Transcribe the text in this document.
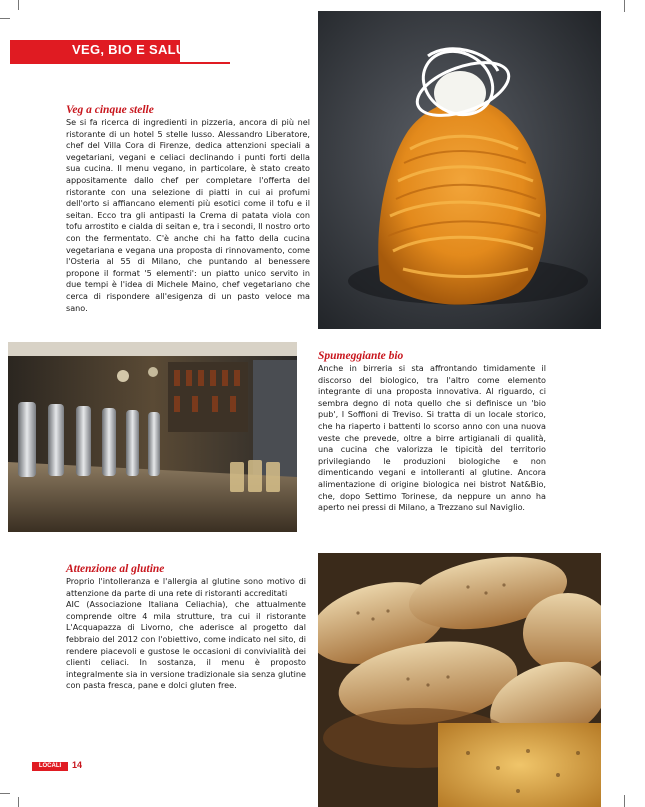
VEG, BIO E SALUTISMO
Veg a cinque stelle

Se si fa ricerca di ingredienti in pizzeria, ancora di più nel ristorante di un hotel 5 stelle lusso. Alessandro Liberatore, chef del Villa Cora di Firenze, dedica attenzioni speciali a vegetariani, vegani e celiaci declinando i punti forti della sua cucina. Il menu vegano, in particolare, è stato creato appositamente dallo chef per completare l'offerta del ristorante con una selezione di piatti in cui ai profumi dell'orto si affiancano elementi più esotici come il tofu e il seitan. Ecco tra gli antipasti la Crema di patata viola con tofu arrostito e cialda di seitan e, tra i secondi, Il nostro orto con the fermentato. C'è anche chi ha fatto della cucina vegetariana e vegana una proposta di rinnovamento, come l'Osteria al 55 di Milano, che puntando al benessere propone il format '5 elementi': un piatto unico servito in due tempi è l'idea di Michele Maino, chef vegetariano che cerca di rispondere all'esigenza di un pasto veloce ma sano.

Spumeggiante bio

Anche in birreria si sta affrontando timidamente il discorso del biologico, tra l'altro come elemento integrante di una proposta innovativa. Al riguardo, ci sembra degno di nota quello che si definisce un 'bio pub', I Soffioni di Treviso. Si tratta di un locale storico, che ha riaperto i battenti lo scorso anno con una nuova veste che prevede, oltre a birre artigianali di qualità, una cucina che valorizza le tipicità del territorio privilegiando le produzioni biologiche e non dimenticando vegani e intolleranti al glutine. Ancora alimentazione di origine biologica nei bistrot Nat&Bio, che, dopo Settimo Torinese, da neppure un anno ha aperto nei pressi di Milano, a Trezzano sul Naviglio.

Attenzione al glutine

Proprio l'intolleranza e l'allergia al glutine sono motivo di attenzione da parte di una rete di ristoranti accreditati

AIC (Associazione Italiana Celiachia), che attualmente comprende oltre 4 mila strutture, tra cui il ristorante L'Acquapazza di Livorno, che aderisce al progetto dal febbraio del 2012 con l'obiettivo, come indicato nel sito, di rendere piacevoli e gustose le occasioni di convivialità dei clienti celiaci. In sostanza, il menu è proposto integralmente sia in versione tradizionale sia senza glutine con pasta fresca, pane e dolci gluten free.

LOCALI TOP
14
